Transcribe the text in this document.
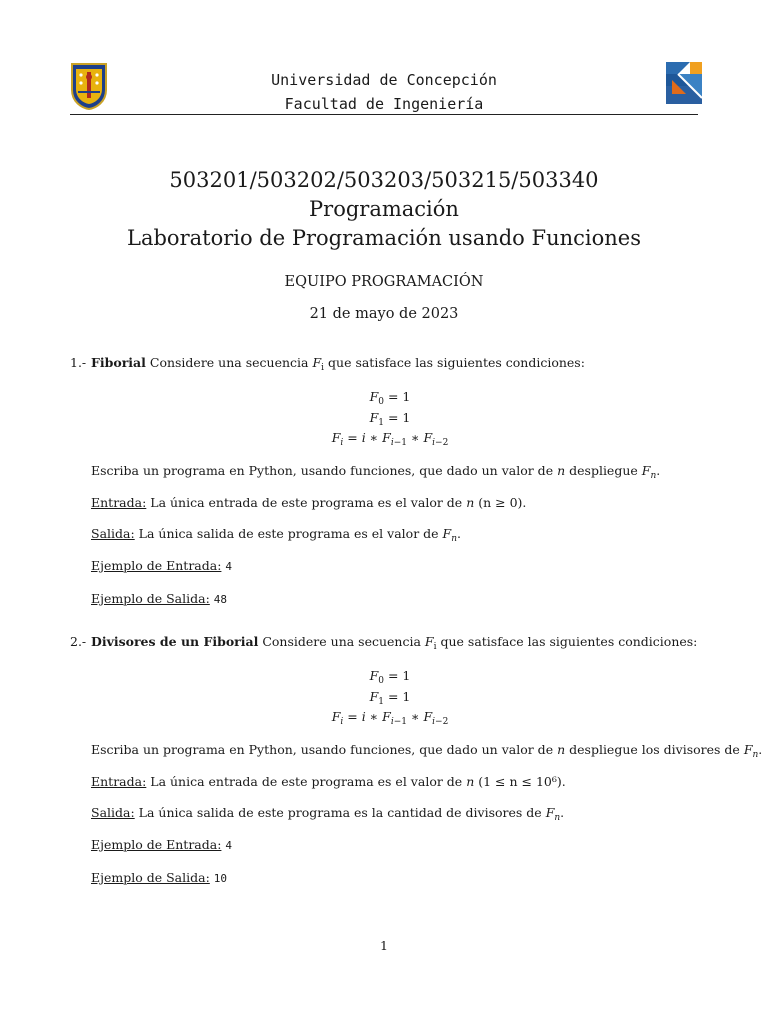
Universidad de Concepción
Facultad de Ingeniería
503201/503202/503203/503215/503340
Programación
Laboratorio de Programación usando Funciones
EQUIPO PROGRAMACIÓN
21 de mayo de 2023
1.- Fiborial Considere una secuencia $F_i$ que satisface las siguientes condiciones:
$F_0 = 1$
$F_1 = 1$
$F_i = i$ ∗ $F_{i-1}$ ∗ $F_{i-2}$
Escriba un programa en Python, usando funciones, que dado un valor de n despliegue $F_n$.
Entrada: La única entrada de este programa es el valor de n (n ≥ 0).
Salida: La única salida de este programa es el valor de $F_n$.
Ejemplo de Entrada: 4
Ejemplo de Salida: 48
2.- Divisores de un Fiborial Considere una secuencia $F_i$ que satisface las siguientes condiciones:
$F_0 = 1$
$F_1 = 1$
$F_i = i$ ∗ $F_{i-1}$ ∗ $F_{i-2}$
Escriba un programa en Python, usando funciones, que dado un valor de n despliegue los divisores de $F_n$.
Entrada: La única entrada de este programa es el valor de n (1 ≤ n ≤ 10⁶).
Salida: La única salida de este programa es la cantidad de divisores de $F_n$.
Ejemplo de Entrada: 4
Ejemplo de Salida: 10
1
